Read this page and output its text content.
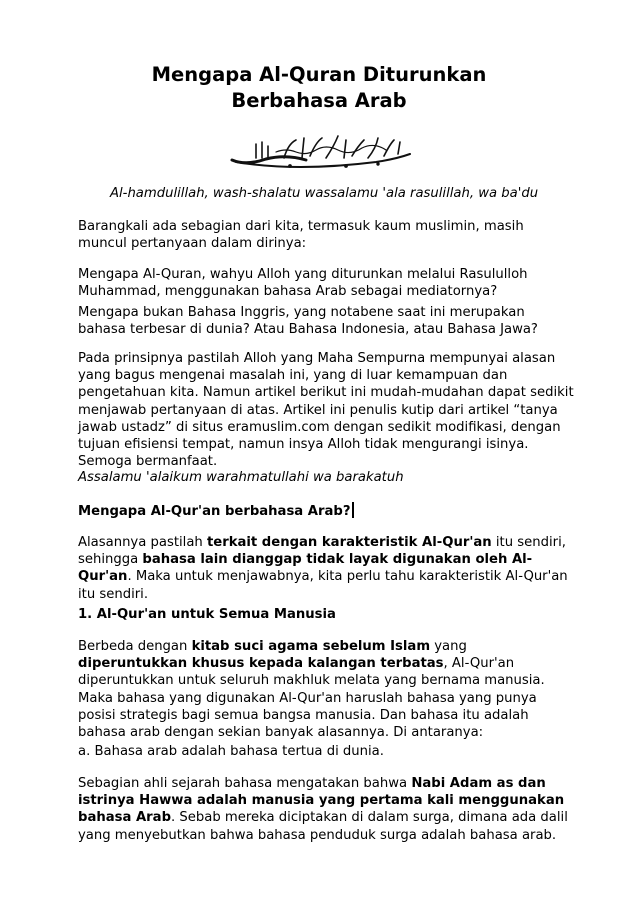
Mengapa Al-Quran Diturunkan
Berbahasa Arab
Al-hamdulillah, wash-shalatu wassalamu 'ala rasulillah, wa ba'du

Barangkali ada sebagian dari kita, termasuk kaum muslimin, masih
muncul pertanyaan dalam dirinya:

Mengapa Al-Quran, wahyu Alloh yang diturunkan melalui Rasululloh
Muhammad, menggunakan bahasa Arab sebagai mediatornya?

Mengapa bukan Bahasa Inggris, yang notabene saat ini merupakan
bahasa terbesar di dunia? Atau Bahasa Indonesia, atau Bahasa Jawa?

Pada prinsipnya pastilah Alloh yang Maha Sempurna mempunyai alasan
yang bagus mengenai masalah ini, yang di luar kemampuan dan
pengetahuan kita. Namun artikel berikut ini mudah-mudahan dapat sedikit
menjawab pertanyaan di atas. Artikel ini penulis kutip dari artikel “tanya
jawab ustadz” di situs eramuslim.com dengan sedikit modifikasi, dengan
tujuan efisiensi tempat, namun insya Alloh tidak mengurangi isinya.
Semoga bermanfaat.

Assalamu 'alaikum warahmatullahi wa barakatuh

Mengapa Al-Qur'an berbahasa Arab?

Alasannya pastilah terkait dengan karakteristik Al-Qur'an itu sendiri,
sehingga bahasa lain dianggap tidak layak digunakan oleh Al-
Qur'an. Maka untuk menjawabnya, kita perlu tahu karakteristik Al-Qur'an
itu sendiri.

1. Al-Qur'an untuk Semua Manusia

Berbeda dengan kitab suci agama sebelum Islam yang
diperuntukkan khusus kepada kalangan terbatas, Al-Qur'an
diperuntukkan untuk seluruh makhluk melata yang bernama manusia.
Maka bahasa yang digunakan Al-Qur'an haruslah bahasa yang punya
posisi strategis bagi semua bangsa manusia. Dan bahasa itu adalah
bahasa arab dengan sekian banyak alasannya. Di antaranya:

a. Bahasa arab adalah bahasa tertua di dunia.

Sebagian ahli sejarah bahasa mengatakan bahwa Nabi Adam as dan
istrinya Hawwa adalah manusia yang pertama kali menggunakan
bahasa Arab. Sebab mereka diciptakan di dalam surga, dimana ada dalil
yang menyebutkan bahwa bahasa penduduk surga adalah bahasa arab.
